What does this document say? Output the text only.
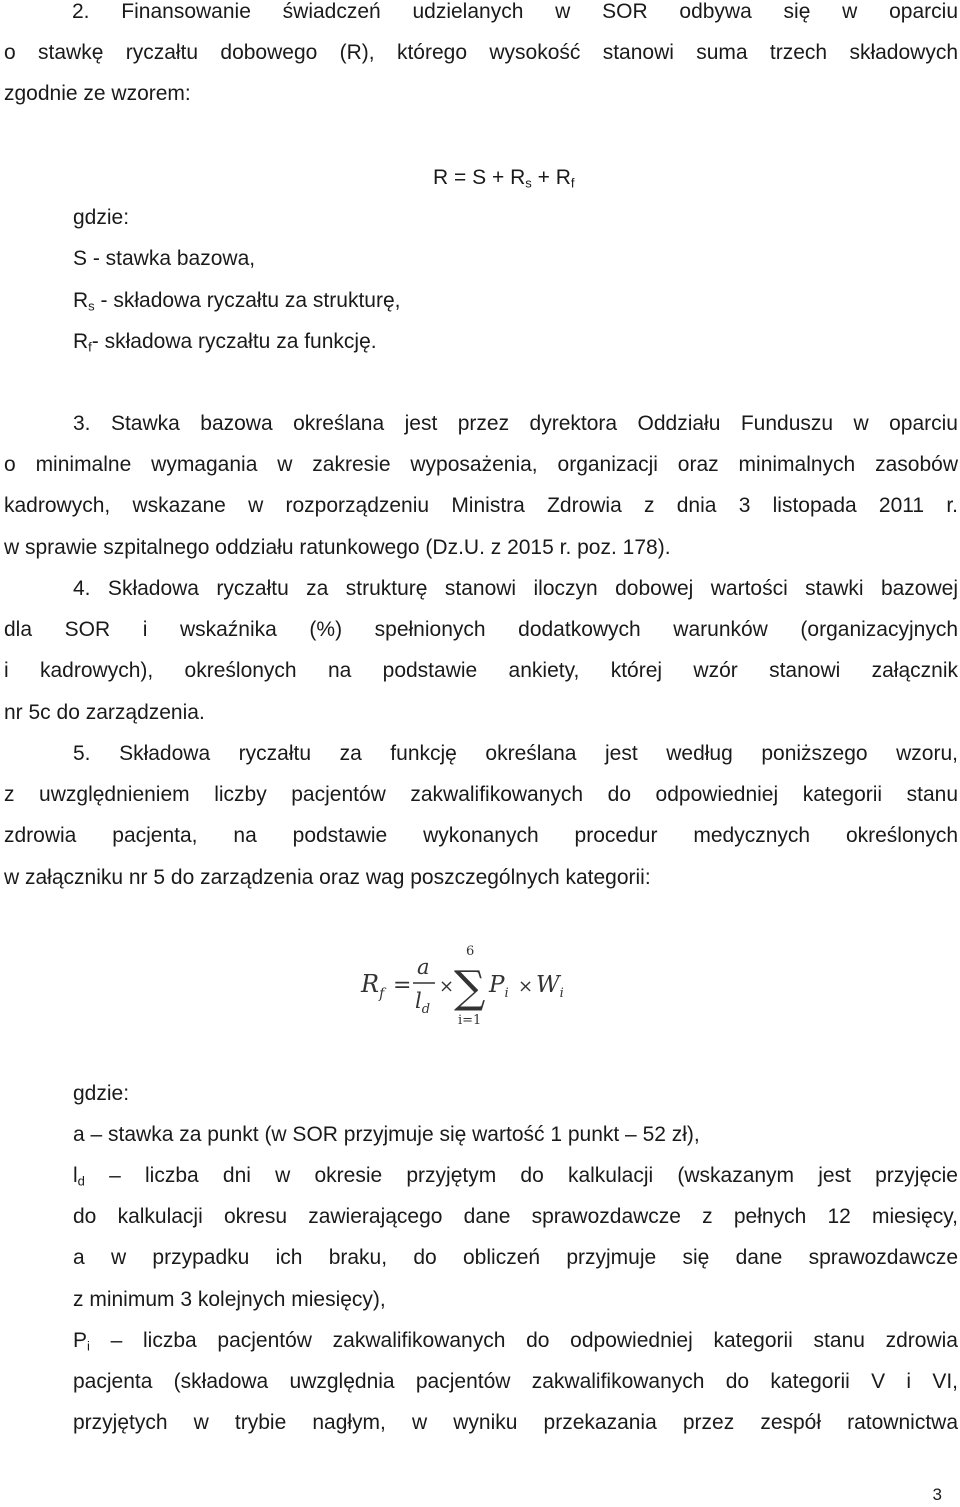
2. Finansowanie świadczeń udzielanych w SOR odbywa się w oparciu

o stawkę ryczałtu dobowego (R), którego wysokość stanowi suma trzech składowych

zgodnie ze wzorem:

$R = S + R_s + R_f$

gdzie:

S - stawka bazowa,

$R_s$ - składowa ryczałtu za strukturę,

$R_f-$ składowa ryczałtu za funkcję.

3. Stawka bazowa określana jest przez dyrektora Oddziału Funduszu w oparciu

o minimalne wymagania w zakresie wyposażenia, organizacji oraz minimalnych zasobów

kadrowych, wskazane w rozporządzeniu Ministra Zdrowia z dnia 3 listopada 2011 r.

w sprawie szpitalnego oddziału ratunkowego (Dz.U. z 2015 r. poz. 178).

4. Składowa ryczałtu za strukturę stanowi iloczyn dobowej wartości stawki bazowej

dla SOR i wskaźnika (%) spełnionych dodatkowych warunków (organizacyjnych

i kadrowych), określonych na podstawie ankiety, której wzór stanowi załącznik

nr 5c do zarządzenia.

5. Składowa ryczałtu za funkcję określana jest według poniższego wzoru,

z uwzględnieniem liczby pacjentów zakwalifikowanych do odpowiedniej kategorii stanu

zdrowia pacjenta, na podstawie wykonanych procedur medycznych określonych

w załączniku nr 5 do zarządzenia oraz wag poszczególnych kategorii:

$R_f$ =
a
$l_d$
×
6
∑
i=1
$P_i \times W_i$

gdzie:

a – stawka za punkt (w SOR przyjmuje się wartość 1 punkt – 52 zł),

$l_d$ – liczba dni w okresie przyjętym do kalkulacji (wskazanym jest przyjęcie

do kalkulacji okresu zawierającego dane sprawozdawcze z pełnych 12 miesięcy,

a w przypadku ich braku, do obliczeń przyjmuje się dane sprawozdawcze

z minimum 3 kolejnych miesięcy),

$P_i$ – liczba pacjentów zakwalifikowanych do odpowiedniej kategorii stanu zdrowia

pacjenta (składowa uwzględnia pacjentów zakwalifikowanych do kategorii V i VI,

przyjętych w trybie nagłym, w wyniku przekazania przez zespół ratownictwa

3
